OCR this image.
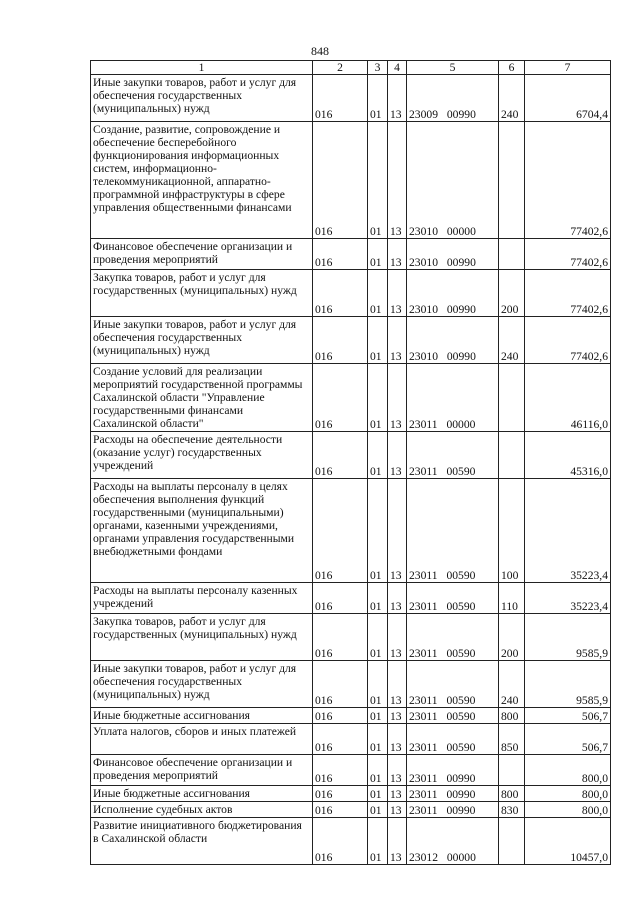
848
1	2	3	4	5	6	7
Иные закупки товаров, работ и услуг для обеспечения государственных (муниципальных) нужд	016	01	13	23009 00990	240	6704,4
Создание, развитие, сопровождение и обеспечение бесперебойного функционирования информационных систем, информационно-телекоммуникационной, аппаратно-программной инфраструктуры в сфере управления общественными финансами	016	01	13	23010 00000		77402,6
Финансовое обеспечение организации и проведения мероприятий	016	01	13	23010 00990		77402,6
Закупка товаров, работ и услуг для государственных (муниципальных) нужд	016	01	13	23010 00990	200	77402,6
Иные закупки товаров, работ и услуг для обеспечения государственных (муниципальных) нужд	016	01	13	23010 00990	240	77402,6
Создание условий для реализации мероприятий государственной программы Сахалинской области "Управление государственными финансами Сахалинской области"	016	01	13	23011 00000		46116,0
Расходы на обеспечение деятельности (оказание услуг) государственных учреждений	016	01	13	23011 00590		45316,0
Расходы на выплаты персоналу в целях обеспечения выполнения функций государственными (муниципальными) органами, казенными учреждениями, органами управления государственными внебюджетными фондами	016	01	13	23011 00590	100	35223,4
Расходы на выплаты персоналу казенных учреждений	016	01	13	23011 00590	110	35223,4
Закупка товаров, работ и услуг для государственных (муниципальных) нужд	016	01	13	23011 00590	200	9585,9
Иные закупки товаров, работ и услуг для обеспечения государственных (муниципальных) нужд	016	01	13	23011 00590	240	9585,9
Иные бюджетные ассигнования	016	01	13	23011 00590	800	506,7
Уплата налогов, сборов и иных платежей	016	01	13	23011 00590	850	506,7
Финансовое обеспечение организации и проведения мероприятий	016	01	13	23011 00990		800,0
Иные бюджетные ассигнования	016	01	13	23011 00990	800	800,0
Исполнение судебных актов	016	01	13	23011 00990	830	800,0
Развитие инициативного бюджетирования в Сахалинской области	016	01	13	23012 00000		10457,0
